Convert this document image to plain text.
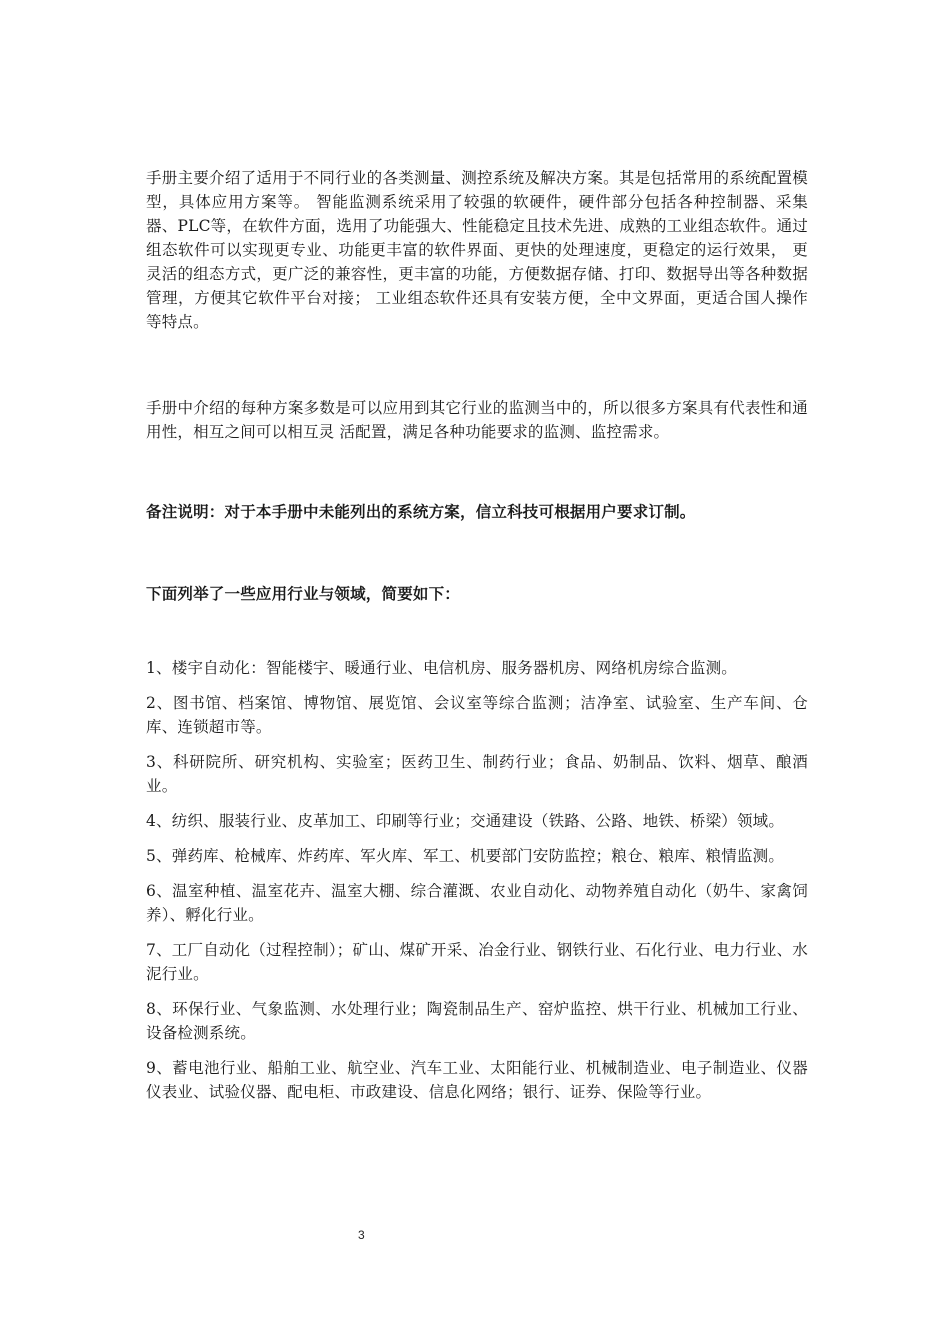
手册主要介绍了适用于不同行业的各类测量、测控系统及解决方案。其是包括常用的系统配置模型，具体应用方案等。 智能监测系统采用了较强的软硬件，硬件部分包括各种控制器、采集器、PLC等，在软件方面，选用了功能强大、性能稳定且技术先进、成熟的工业组态软件。通过组态软件可以实现更专业、功能更丰富的软件界面、更快的处理速度，更稳定的运行效果， 更灵活的组态方式，更广泛的兼容性，更丰富的功能，方便数据存储、打印、数据导出等各种数据管理，方便其它软件平台对接； 工业组态软件还具有安装方便，全中文界面，更适合国人操作等特点。

手册中介绍的每种方案多数是可以应用到其它行业的监测当中的，所以很多方案具有代表性和通用性，相互之间可以相互灵 活配置，满足各种功能要求的监测、监控需求。

备注说明：对于本手册中未能列出的系统方案，信立科技可根据用户要求订制。

下面列举了一些应用行业与领域，简要如下：

1、楼宇自动化：智能楼宇、暖通行业、电信机房、服务器机房、网络机房综合监测。

2、图书馆、档案馆、博物馆、展览馆、会议室等综合监测；洁净室、试验室、生产车间、仓库、连锁超市等。

3、科研院所、研究机构、实验室；医药卫生、制药行业；食品、奶制品、饮料、烟草、酿酒业。

4、纺织、服装行业、皮革加工、印刷等行业；交通建设（铁路、公路、地铁、桥梁）领域。

5、弹药库、枪械库、炸药库、军火库、军工、机要部门安防监控；粮仓、粮库、粮情监测。

6、温室种植、温室花卉、温室大棚、综合灌溉、农业自动化、动物养殖自动化（奶牛、家禽饲养）、孵化行业。

7、工厂自动化（过程控制）；矿山、煤矿开采、冶金行业、钢铁行业、石化行业、电力行业、水泥行业。

8、环保行业、气象监测、水处理行业；陶瓷制品生产、窑炉监控、烘干行业、机械加工行业、设备检测系统。

9、蓄电池行业、船舶工业、航空业、汽车工业、太阳能行业、机械制造业、电子制造业、仪器仪表业、试验仪器、配电柜、市政建设、信息化网络；银行、证券、保险等行业。

3
